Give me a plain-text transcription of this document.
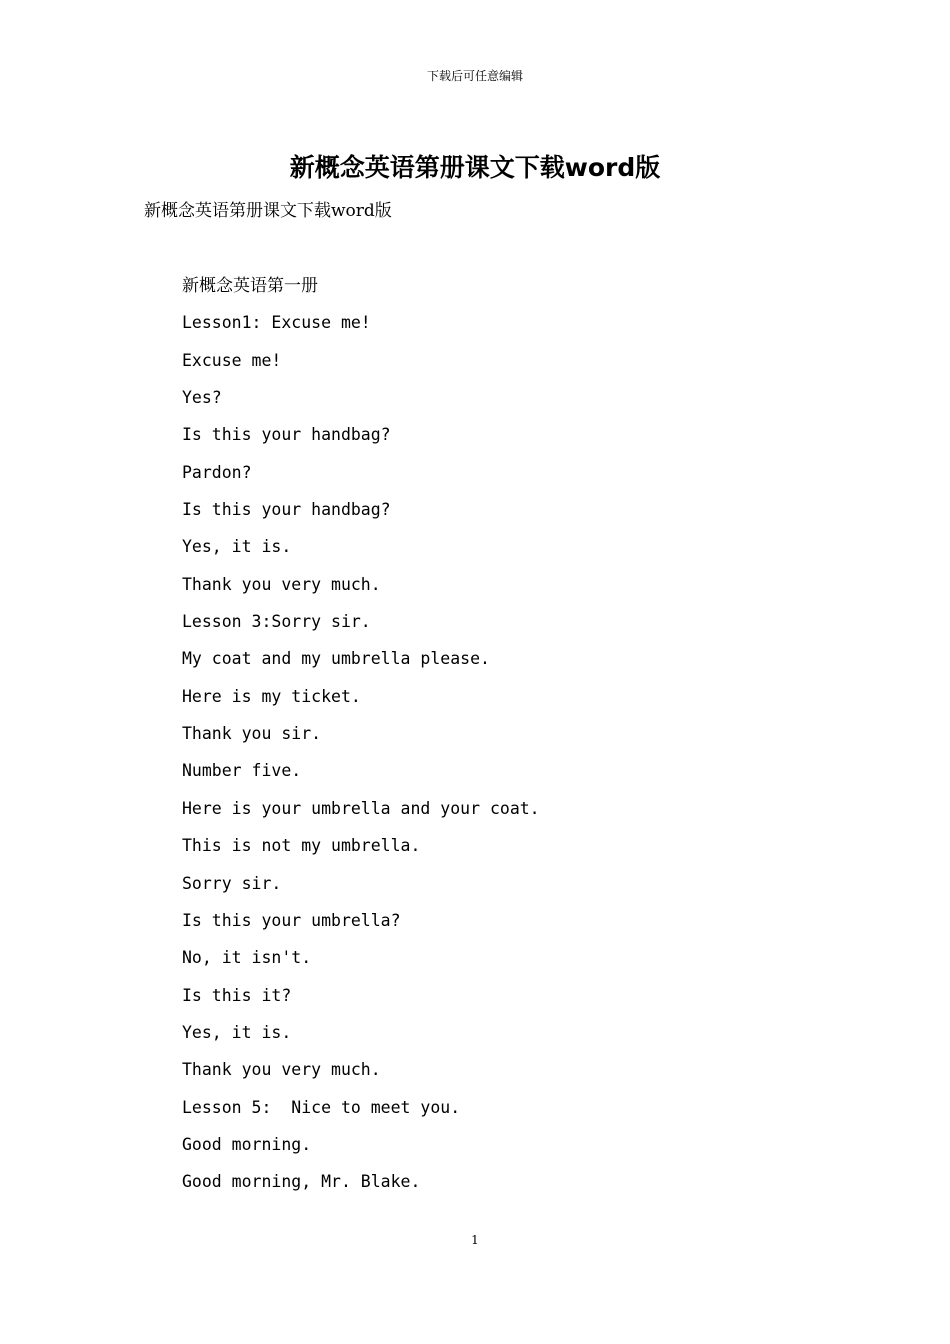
下载后可任意编辑
新概念英语第册课文下载word版
新概念英语第册课文下载word版
新概念英语第一册
Lesson1: Excuse me!
Excuse me!
Yes?
Is this your handbag?
Pardon?
Is this your handbag?
Yes, it is.
Thank you very much.
Lesson 3:Sorry sir.
My coat and my umbrella please.
Here is my ticket.
Thank you sir.
Number five.
Here is your umbrella and your coat.
This is not my umbrella.
Sorry sir.
Is this your umbrella?
No, it isn't.
Is this it?
Yes, it is.
Thank you very much.
Lesson 5:  Nice to meet you.
Good morning.
Good morning, Mr. Blake.
1
